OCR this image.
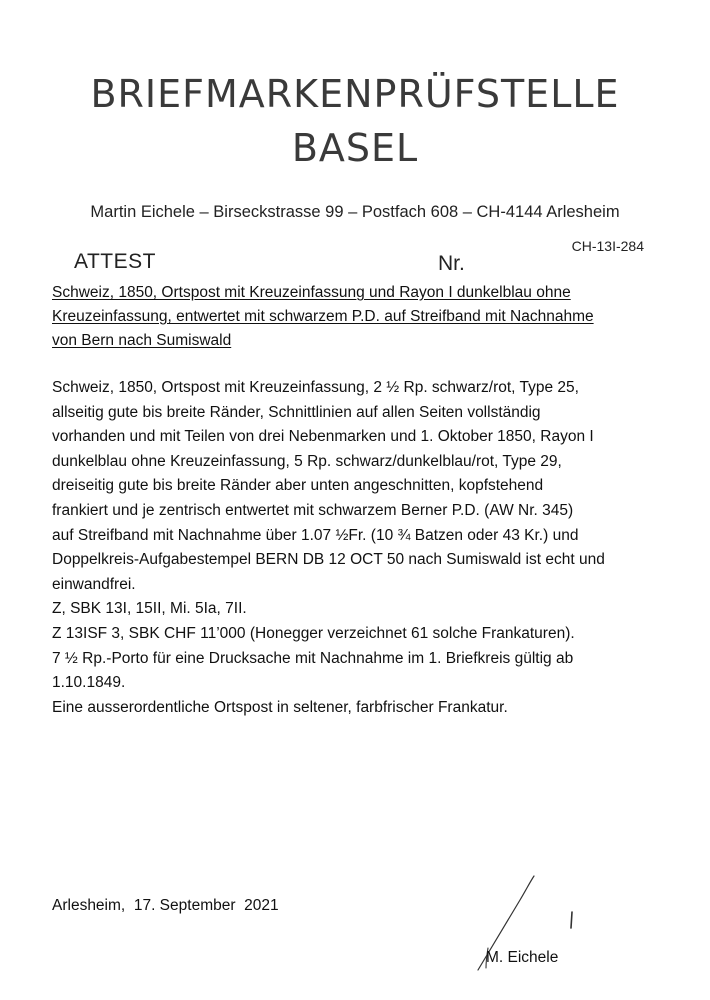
BRIEFMARKENPRÜFSTELLE
BASEL
Martin Eichele – Birseckstrasse 99 – Postfach 608 – CH-4144 Arlesheim
CH-13I-284
ATTEST	Nr.
Schweiz, 1850, Ortspost mit Kreuzeinfassung und Rayon I dunkelblau ohne
Kreuzeinfassung, entwertet mit schwarzem P.D. auf Streifband mit Nachnahme
von Bern nach Sumiswald
Schweiz, 1850, Ortspost mit Kreuzeinfassung, 2 ½ Rp. schwarz/rot, Type 25,
allseitig gute bis breite Ränder, Schnittlinien auf allen Seiten vollständig
vorhanden und mit Teilen von drei Nebenmarken und 1. Oktober 1850, Rayon I
dunkelblau ohne Kreuzeinfassung, 5 Rp. schwarz/dunkelblau/rot, Type 29,
dreiseitig gute bis breite Ränder aber unten angeschnitten, kopfstehend
frankiert und je zentrisch entwertet mit schwarzem Berner P.D. (AW Nr. 345)
auf Streifband mit Nachnahme über 1.07 ½Fr. (10 ¾ Batzen oder 43 Kr.) und
Doppelkreis-Aufgabestempel BERN DB 12 OCT 50 nach Sumiswald ist echt und
einwandfrei.
Z, SBK 13I, 15II, Mi. 5Ia, 7II.
Z 13ISF 3, SBK CHF 11’000 (Honegger verzeichnet 61 solche Frankaturen).
7 ½ Rp.-Porto für eine Drucksache mit Nachnahme im 1. Briefkreis gültig ab
1.10.1849.
Eine ausserordentliche Ortspost in seltener, farbfrischer Frankatur.
Arlesheim,  17. September  2021
M. Eichele
